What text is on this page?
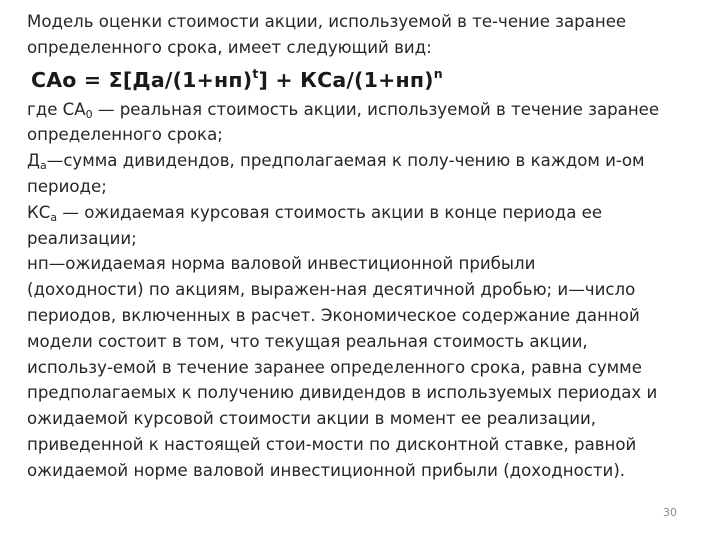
Модель оценки стоимости акции, используемой в те-чение заранее

определенного срока, имеет следующий вид:

САо = $\Sigma[Да/(1+нп)^t] + КСа/(1+нп)^n$

где $СА_0$ — реальная стоимость акции, используемой в течение заранее

определенного срока;

$Д_а—сумма$ дивидендов, предполагаемая к полу-чению в каждом и-ом

периоде;

$КС_а$ — ожидаемая курсовая стоимость акции в конце периода ее

реализации;

нп—ожидаемая норма валовой инвестиционной прибыли

(доходности) по акциям, выражен-ная десятичной дробью; и—число

периодов, включенных в расчет. Экономическое содержание данной

модели состоит в том, что текущая реальная стоимость акции,

использу-емой в течение заранее определенного срока, равна сумме

предполагаемых к получению дивидендов в используемых периодах и

ожидаемой курсовой стоимости акции в момент ее реализации,

приведенной к настоящей стои-мости по дисконтной ставке, равной

ожидаемой норме валовой инвестиционной прибыли (доходности).

30
